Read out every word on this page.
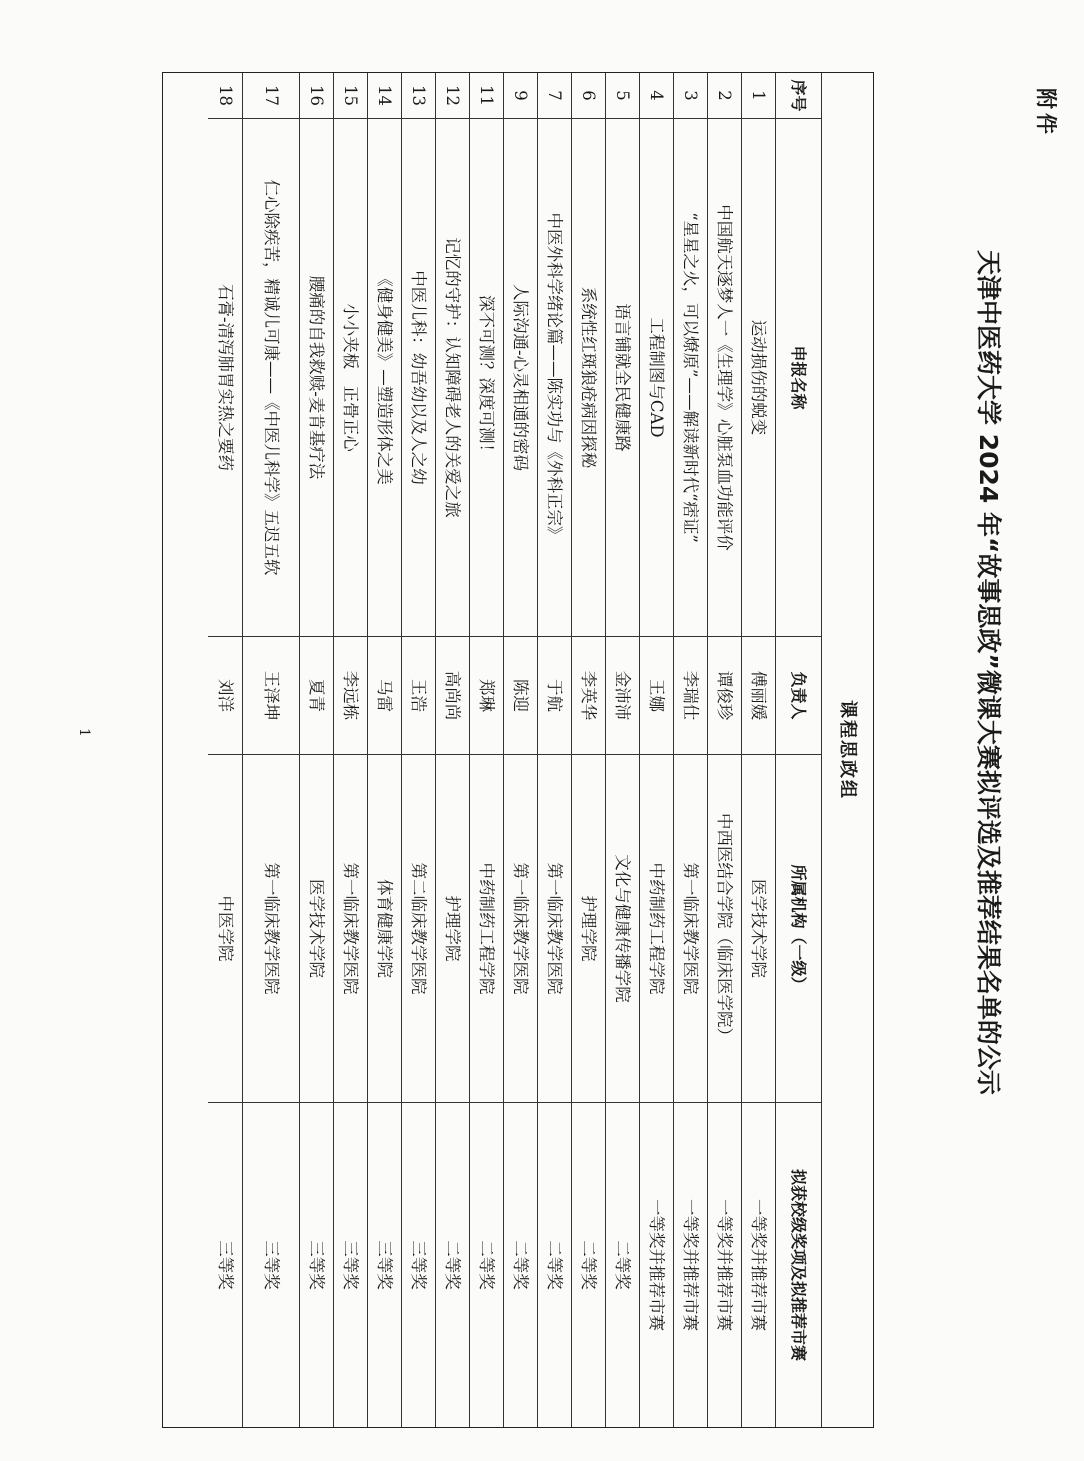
附件
天津中医药大学 2024 年“故事思政”微课大赛拟评选及推荐结果名单的公示
课程思政组
序号
申报名称
负责人
所属机构（一级）
拟获校级奖项及拟推荐市赛
1
运动损伤的蜕变
傅丽媛
医学技术学院
一等奖并推荐市赛
2
中国航天逐梦人一《生理学》心脏泵血功能评价
谭俊珍
中西医结合学院（临床医学院）
一等奖并推荐市赛
3
“星星之火，可以燎原”——解读新时代“痞证”
李瑞仕
第一临床教学医院
一等奖并推荐市赛
4
工程制图与CAD
王娜
中药制药工程学院
一等奖并推荐市赛
5
语言铺就全民健康路
金沛沛
文化与健康传播学院
二等奖
6
系统性红斑狼疮病因探秘
李英华
护理学院
二等奖
7
中医外科学绪论篇——陈实功与《外科正宗》
于航
第一临床教学医院
二等奖
9
人际沟通-心灵相通的密码
陈迎
第一临床教学医院
二等奖
11
深不可测？深度可测！
郑琳
中药制药工程学院
二等奖
12
记忆的守护：认知障碍老人的关爱之旅
高尚尚
护理学院
二等奖
13
中医儿科：幼吾幼以及人之幼
王浩
第二临床教学医院
三等奖
14
《健身健美》—塑造形体之美
马雷
体育健康学院
三等奖
15
小小夹板　正骨正心
李远栋
第一临床教学医院
三等奖
16
腰痛的自我救赎-麦肯基疗法
夏青
医学技术学院
三等奖
17
仁心除疾苦，精诚儿可康——《中医儿科学》五迟五软
王泽坤
第一临床教学医院
三等奖
18
石膏-清泻肺胃实热之要药
刘洋
中医学院
三等奖
1
